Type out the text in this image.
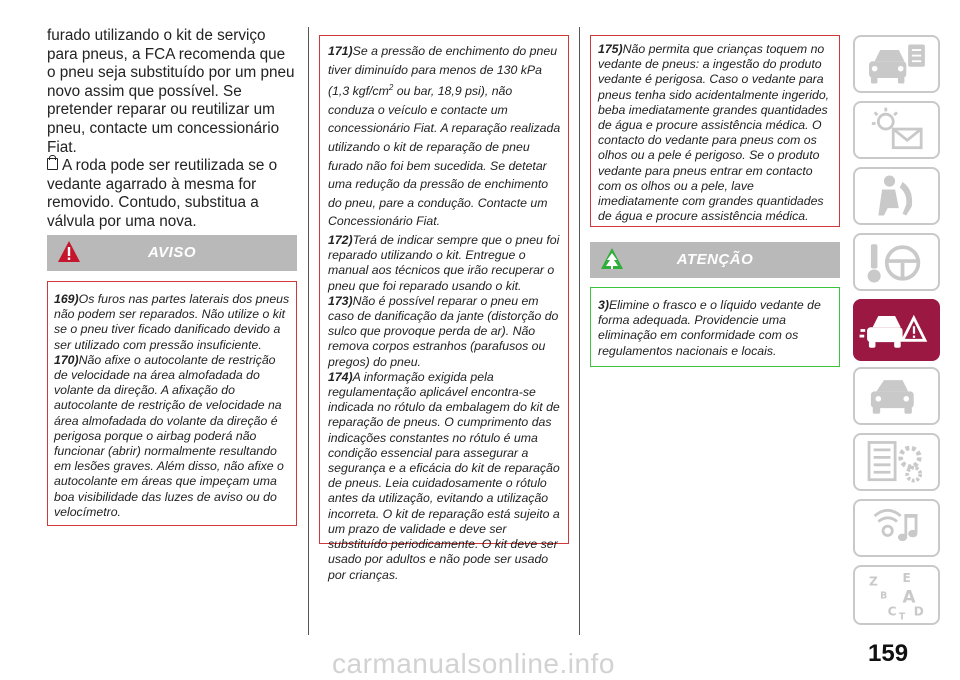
furado utilizando o kit de serviço para pneus, a FCA recomenda que o pneu seja substituído por um pneu novo assim que possível. Se pretender reparar ou reutilizar um pneu, contacte um concessionário Fiat.

A roda pode ser reutilizada se o vedante agarrado à mesma for removido. Contudo, substitua a válvula por uma nova.

AVISO

169)Os furos nas partes laterais dos pneus não podem ser reparados. Não utilize o kit se o pneu tiver ficado danificado devido a ser utilizado com pressão insuficiente.

170)Não afixe o autocolante de restrição de velocidade na área almofadada do volante da direção. A afixação do autocolante de restrição de velocidade na área almofadada do volante da direção é perigosa porque o airbag poderá não funcionar (abrir) normalmente resultando em lesões graves. Além disso, não afixe o autocolante em áreas que impeçam uma boa visibilidade das luzes de aviso ou do velocímetro.

171)Se a pressão de enchimento do pneu tiver diminuído para menos de 130 kPa (1,3 kgf/$cm^2$ ou bar, 18,9 psi), não conduza o veículo e contacte um concessionário Fiat. A reparação realizada utilizando o kit de reparação de pneu furado não foi bem sucedida. Se detetar uma redução da pressão de enchimento do pneu, pare a condução. Contacte um Concessionário Fiat.

172)Terá de indicar sempre que o pneu foi reparado utilizando o kit. Entregue o manual aos técnicos que irão recuperar o pneu que foi reparado usando o kit.

173)Não é possível reparar o pneu em caso de danificação da jante (distorção do sulco que provoque perda de ar). Não remova corpos estranhos (parafusos ou pregos) do pneu.

174)A informação exigida pela regulamentação aplicável encontra-se indicada no rótulo da embalagem do kit de reparação de pneus. O cumprimento das indicações constantes no rótulo é uma condição essencial para assegurar a segurança e a eficácia do kit de reparação de pneus. Leia cuidadosamente o rótulo antes da utilização, evitando a utilização incorreta. O kit de reparação está sujeito a um prazo de validade e deve ser substituído periodicamente. O kit deve ser usado por adultos e não pode ser usado por crianças.

175)Não permita que crianças toquem no vedante de pneus: a ingestão do produto vedante é perigosa. Caso o vedante para pneus tenha sido acidentalmente ingerido, beba imediatamente grandes quantidades de água e procure assistência médica. O contacto do vedante para pneus com os olhos ou a pele é perigoso. Se o produto vedante para pneus entrar em contacto com os olhos ou a pele, lave imediatamente com grandes quantidades de água e procure assistência médica.

ATENÇÃO

3)Elimine o frasco e o líquido vedante de forma adequada. Providencie uma eliminação em conformidade com os regulamentos nacionais e locais.

Z E
B A
C D
T
159
carmanualsonline.info
